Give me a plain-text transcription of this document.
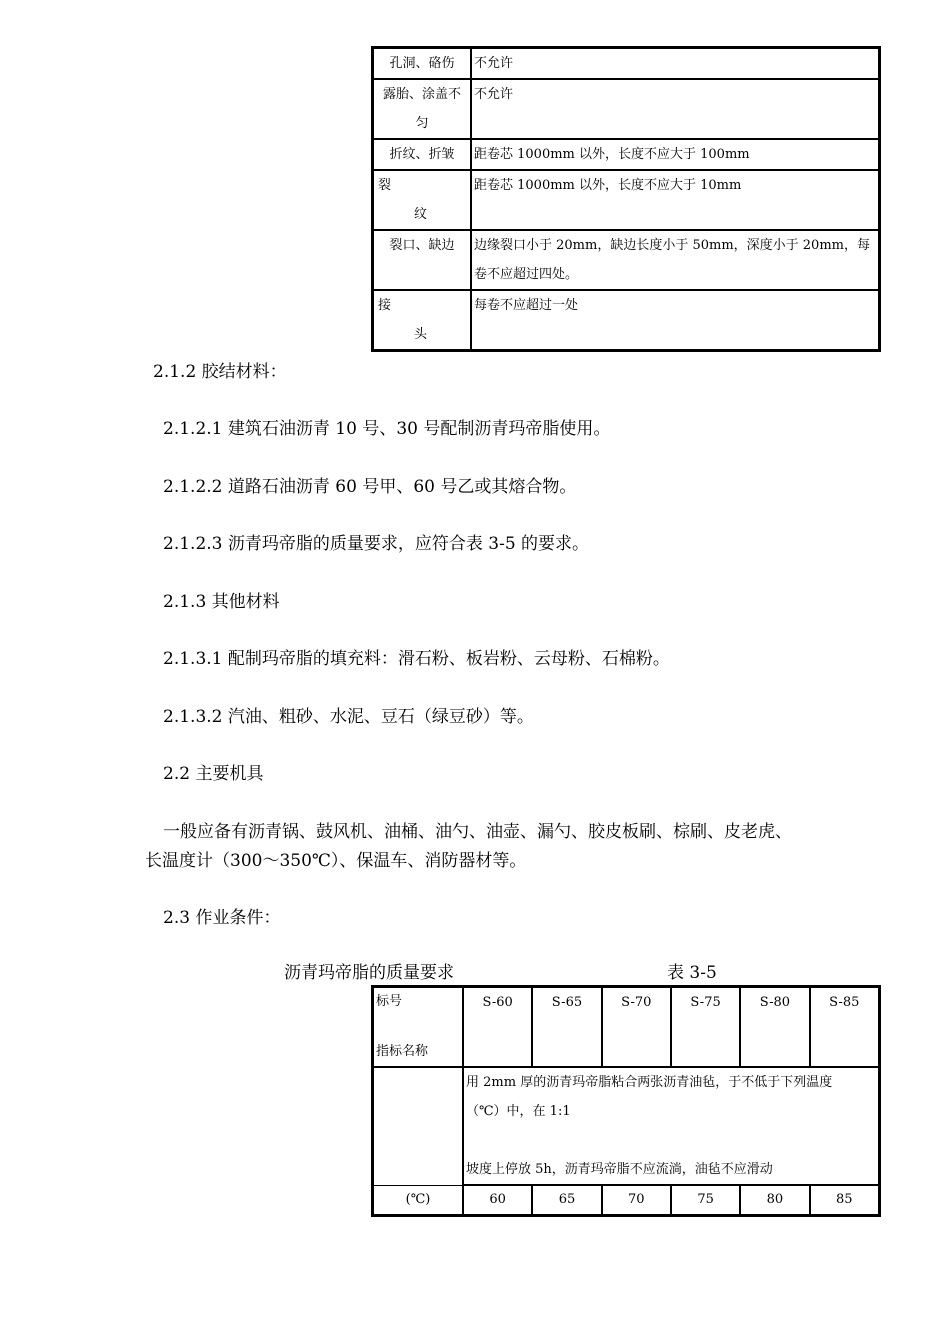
孔洞、硌伤	不允许

露胎、涂盖不
匀	不允许
折纹、折皱	距卷芯 1000mm 以外，长度不应大于 100mm

裂
纹	距卷芯 1000mm 以外，长度不应大于 10mm
裂口、缺边	边缘裂口小于 20mm，缺边长度小于 50mm，深度小于 20mm，每
卷不应超过四处。

接
头	每卷不应超过一处
2.1.2 胶结材料：
2.1.2.1 建筑石油沥青 10 号、30 号配制沥青玛帝脂使用。
2.1.2.2 道路石油沥青 60 号甲、60 号乙或其熔合物。
2.1.2.3 沥青玛帝脂的质量要求，应符合表 3-5 的要求。
2.1.3 其他材料
2.1.3.1 配制玛帝脂的填充料：滑石粉、板岩粉、云母粉、石棉粉。
2.1.3.2 汽油、粗砂、水泥、豆石（绿豆砂）等。
2.2 主要机具
一般应备有沥青锅、鼓风机、油桶、油勺、油壶、漏勺、胶皮板刷、棕刷、皮老虎、
长温度计（300～350℃）、保温车、消防器材等。
2.3 作业条件：
沥青玛帝脂的质量要求	表 3-5
标号
指标名称	S-60	S-65	S-70	S-75	S-80	S-85

	用 2mm 厚的沥青玛帝脂粘合两张沥青油毡，于不低于下列温度
（℃）中，在 1:1
坡度上停放 5h，沥青玛帝脂不应流淌，油毡不应滑动					

(℃)	60	65	70	75	80	85
